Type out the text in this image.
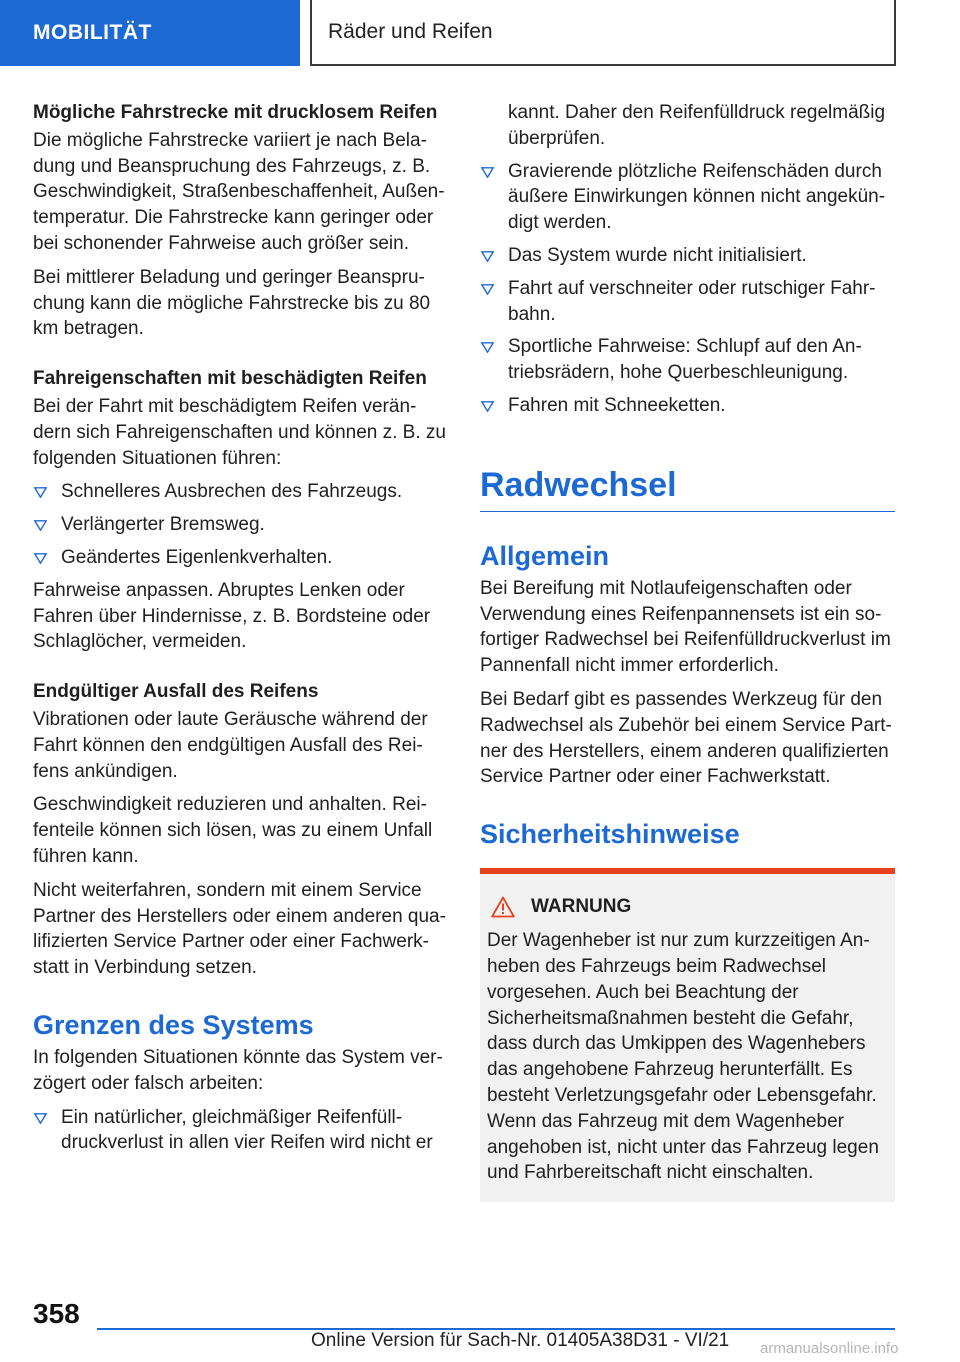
MOBILITÄT	Räder und Reifen
Mögliche Fahrstrecke mit drucklosem Reifen

Die mögliche Fahrstrecke variiert je nach Beladung und Beanspruchung des Fahrzeugs, z. B. Geschwindigkeit, Straßenbeschaffenheit, Außentemperatur. Die Fahrstrecke kann geringer oder bei schonender Fahrweise auch größer sein.

Bei mittlerer Beladung und geringer Beanspruchung kann die mögliche Fahrstrecke bis zu 80 km betragen.

Fahreigenschaften mit beschädigten Reifen

Bei der Fahrt mit beschädigtem Reifen verändern sich Fahreigenschaften und können z. B. zu folgenden Situationen führen:

Schnelleres Ausbrechen des Fahrzeugs.
Verlängerter Bremsweg.
Geändertes Eigenlenkverhalten.

Fahrweise anpassen. Abruptes Lenken oder Fahren über Hindernisse, z. B. Bordsteine oder Schlaglöcher, vermeiden.

Endgültiger Ausfall des Reifens

Vibrationen oder laute Geräusche während der Fahrt können den endgültigen Ausfall des Reifens ankündigen.

Geschwindigkeit reduzieren und anhalten. Reifenteile können sich lösen, was zu einem Unfall führen kann.

Nicht weiterfahren, sondern mit einem Service Partner des Herstellers oder einem anderen qualifizierten Service Partner oder einer Fachwerkstatt in Verbindung setzen.

Grenzen des Systems

In folgenden Situationen könnte das System verzögert oder falsch arbeiten:

Ein natürlicher, gleichmäßiger Reifenfülldruckverlust in allen vier Reifen wird nicht er
kannt. Daher den Reifenfülldruck regelmäßig überprüfen.
Gravierende plötzliche Reifenschäden durch äußere Einwirkungen können nicht angekündigt werden.
Das System wurde nicht initialisiert.
Fahrt auf verschneiter oder rutschiger Fahrbahn.
Sportliche Fahrweise: Schlupf auf den Antriebsrädern, hohe Querbeschleunigung.
Fahren mit Schneeketten.
Radwechsel
Allgemein

Bei Bereifung mit Notlaufeigenschaften oder Verwendung eines Reifenpannensets ist ein sofortiger Radwechsel bei Reifenfülldruckverlust im Pannenfall nicht immer erforderlich.

Bei Bedarf gibt es passendes Werkzeug für den Radwechsel als Zubehör bei einem Service Partner des Herstellers, einem anderen qualifizierten Service Partner oder einer Fachwerkstatt.

Sicherheitshinweise
WARNUNG

Der Wagenheber ist nur zum kurzzeitigen Anheben des Fahrzeugs beim Radwechsel vorgesehen. Auch bei Beachtung der Sicherheitsmaßnahmen besteht die Gefahr, dass durch das Umkippen des Wagenhebers das angehobene Fahrzeug herunterfällt. Es besteht Verletzungsgefahr oder Lebensgefahr. Wenn das Fahrzeug mit dem Wagenheber angehoben ist, nicht unter das Fahrzeug legen und Fahrbereitschaft nicht einschalten.

358
Online Version für Sach-Nr. 01405A38D31 - VI/21 armanualsonline.info
